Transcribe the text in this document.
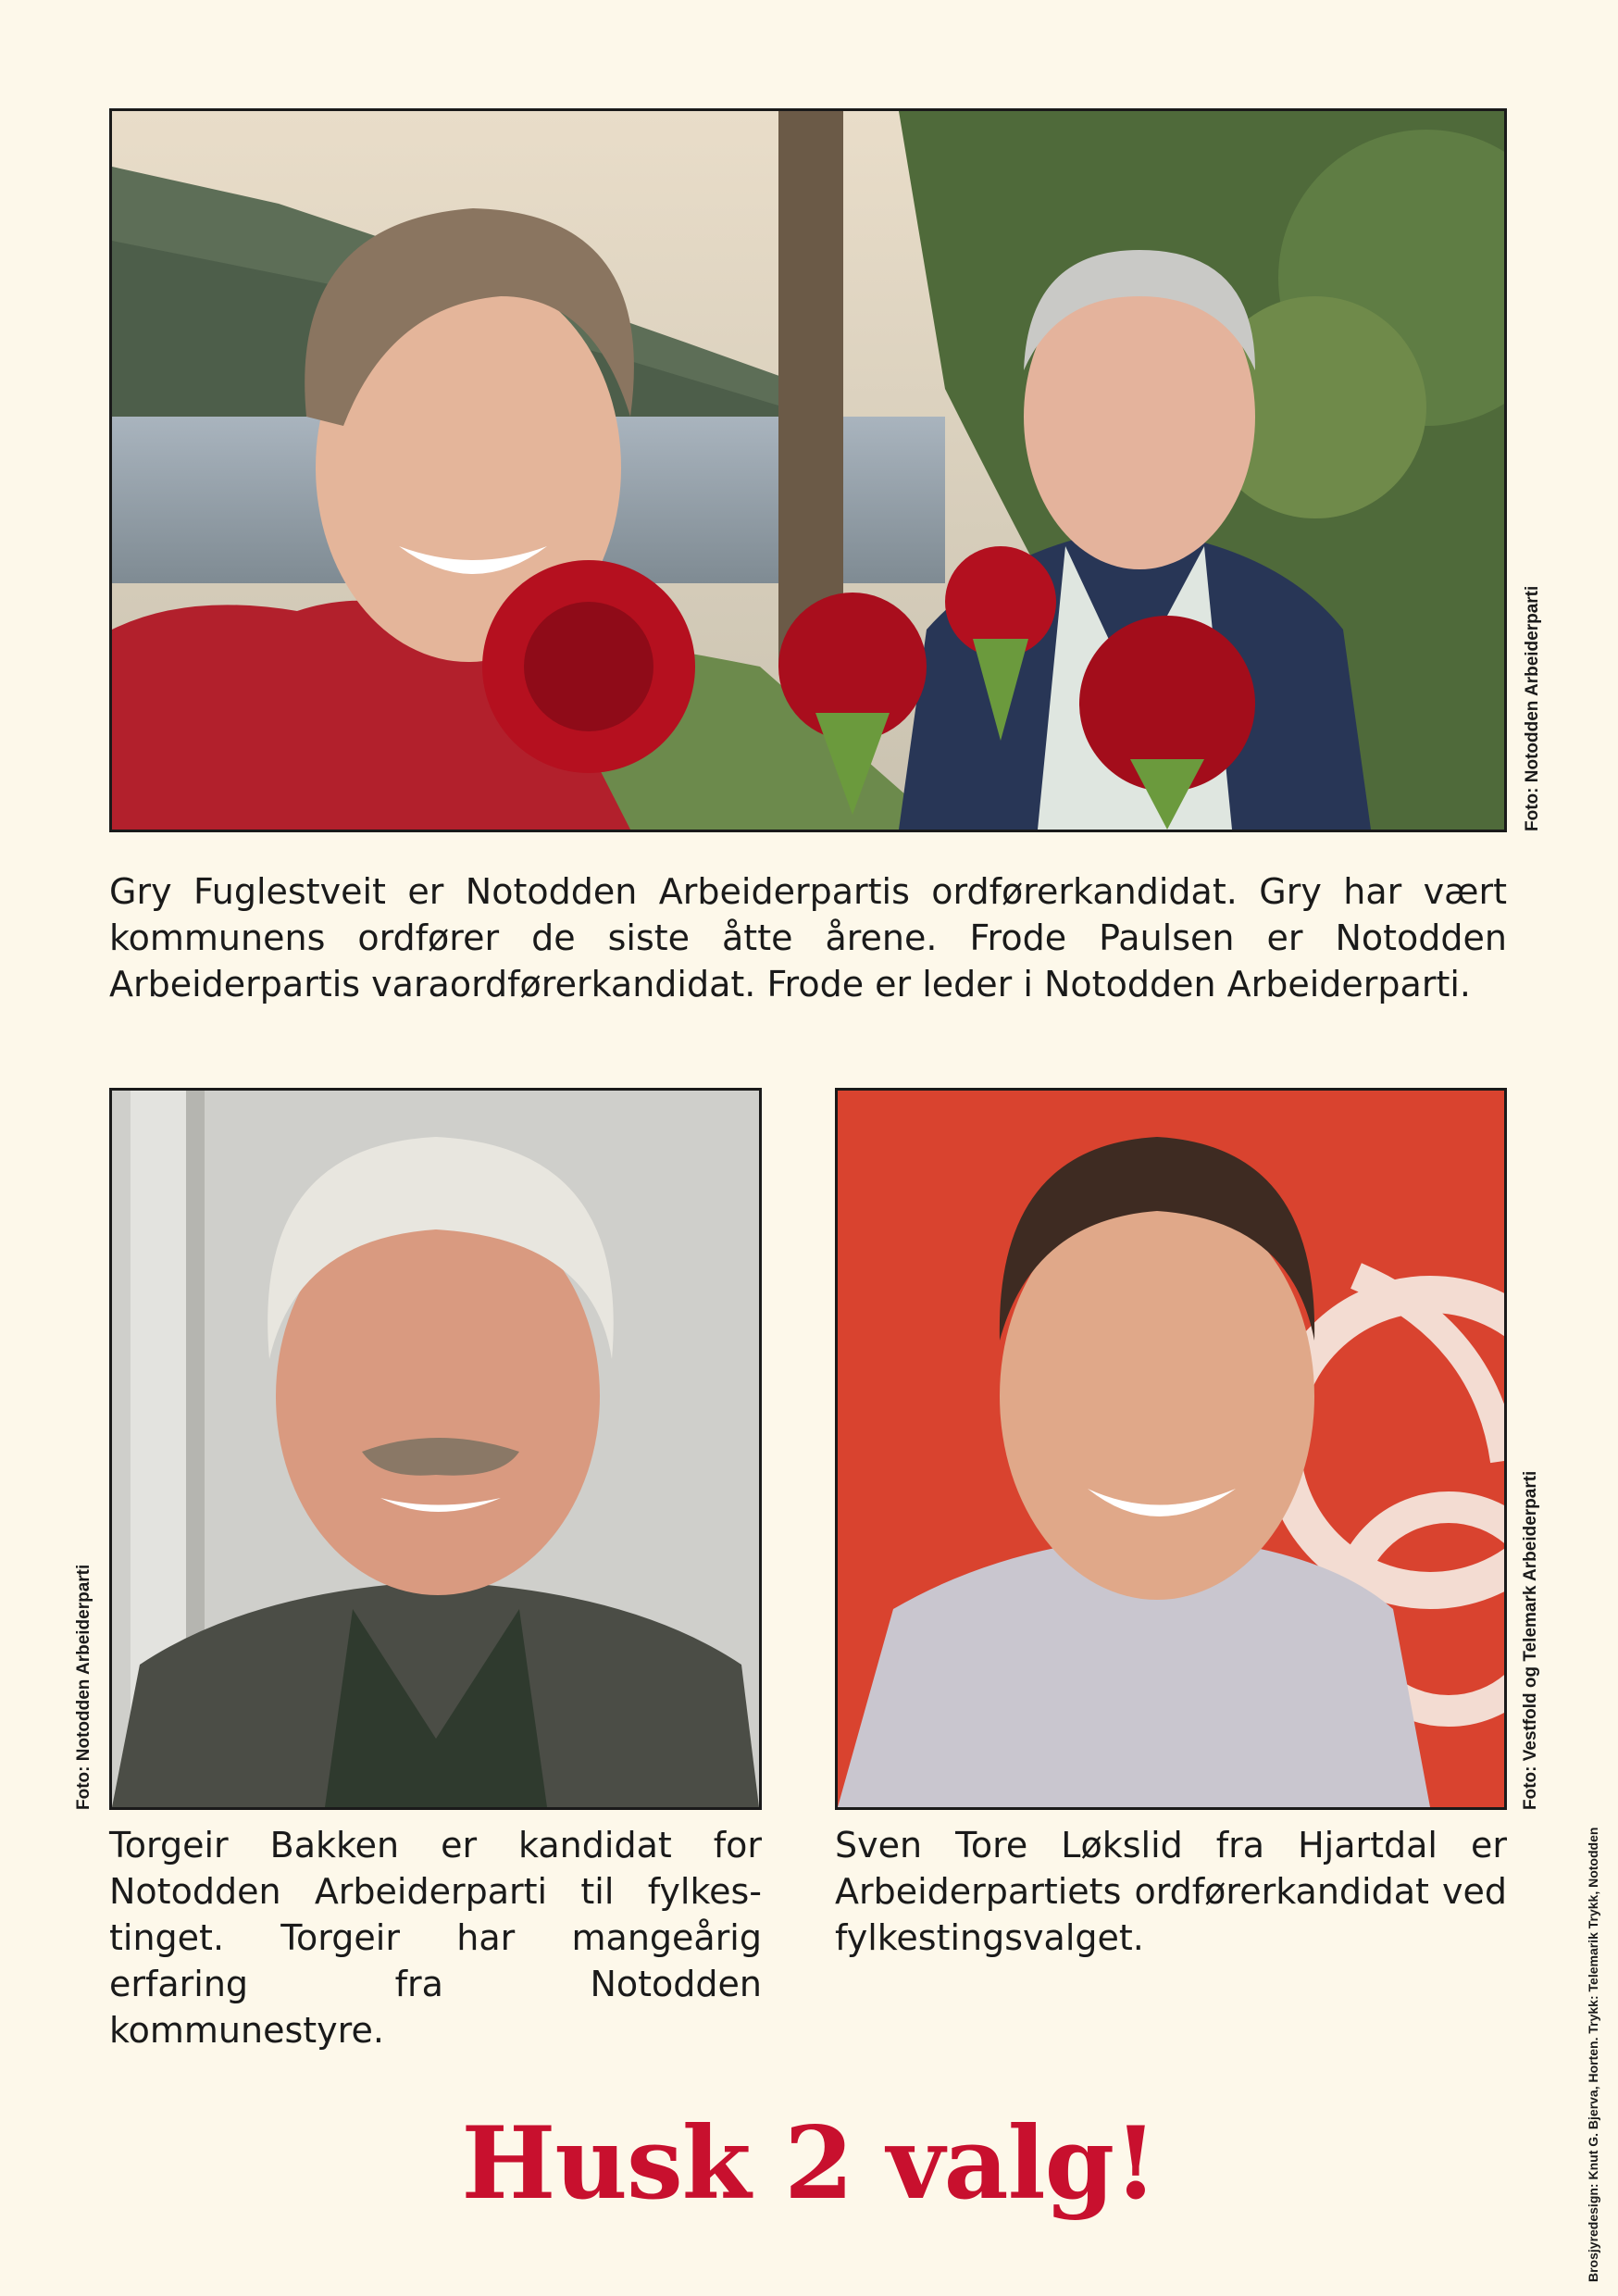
Foto: Notodden Arbeiderparti

Gry Fuglestveit er Notodden Arbeiderpartis ordførerkandidat. Gry har vært kommunens ordfører de siste åtte årene. Frode Paulsen er Notodden Arbeiderpartis varaordførerkandidat. Frode er leder i Notodden Arbeiderparti.

Foto: Notodden Arbeiderparti	Foto: Vestfold og Telemark Arbeiderparti

Torgeir Bakken er kandidat for Notodden Arbeiderparti til fylkes-tinget. Torgeir har mangeårig erfaring fra Notodden kommunestyre.

Sven Tore Løkslid fra Hjartdal er Arbeiderpartiets ordførerkandidat ved fylkestingsvalget.	Brosjyredesign: Knut G. Bjerva, Horten. Trykk: Telemarik Trykk, Notodden
Husk 2 valg!
